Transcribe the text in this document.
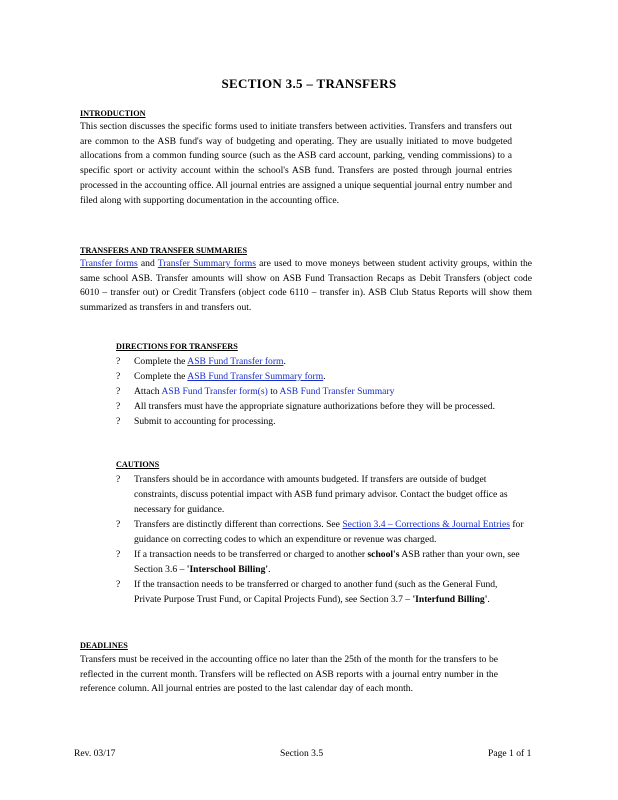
SECTION 3.5 – TRANSFERS
INTRODUCTION

This section discusses the specific forms used to initiate transfers between activities. Transfers and transfers out are common to the ASB fund's way of budgeting and operating. They are usually initiated to move budgeted allocations from a common funding source (such as the ASB card account, parking, vending commissions) to a specific sport or activity account within the school's ASB fund. Transfers are posted through journal entries processed in the accounting office. All journal entries are assigned a unique sequential journal entry number and filed along with supporting documentation in the accounting office.

TRANSFERS AND TRANSFER SUMMARIES

Transfer forms and Transfer Summary forms are used to move moneys between student activity groups, within the same school ASB. Transfer amounts will show on ASB Fund Transaction Recaps as Debit Transfers (object code 6010 – transfer out) or Credit Transfers (object code 6110 – transfer in). ASB Club Status Reports will show them summarized as transfers in and transfers out.

DIRECTIONS FOR TRANSFERS
? Complete the ASB Fund Transfer form.
? Complete the ASB Fund Transfer Summary form.
? Attach ASB Fund Transfer form(s) to ASB Fund Transfer Summary
? All transfers must have the appropriate signature authorizations before they will be processed.
? Submit to accounting for processing.
CAUTIONS
? Transfers should be in accordance with amounts budgeted. If transfers are outside of budget constraints, discuss potential impact with ASB fund primary advisor. Contact the budget office as necessary for guidance.
? Transfers are distinctly different than corrections. See Section 3.4 – Corrections & Journal Entries for guidance on correcting codes to which an expenditure or revenue was charged.
? If a transaction needs to be transferred or charged to another school's ASB rather than your own, see Section 3.6 – 'Interschool Billing'.
? If the transaction needs to be transferred or charged to another fund (such as the General Fund, Private Purpose Trust Fund, or Capital Projects Fund), see Section 3.7 – 'Interfund Billing'.
DEADLINES

Transfers must be received in the accounting office no later than the 25th of the month for the transfers to be reflected in the current month. Transfers will be reflected on ASB reports with a journal entry number in the reference column. All journal entries are posted to the last calendar day of each month.

Rev. 03/17	Section 3.5	Page 1 of 1
